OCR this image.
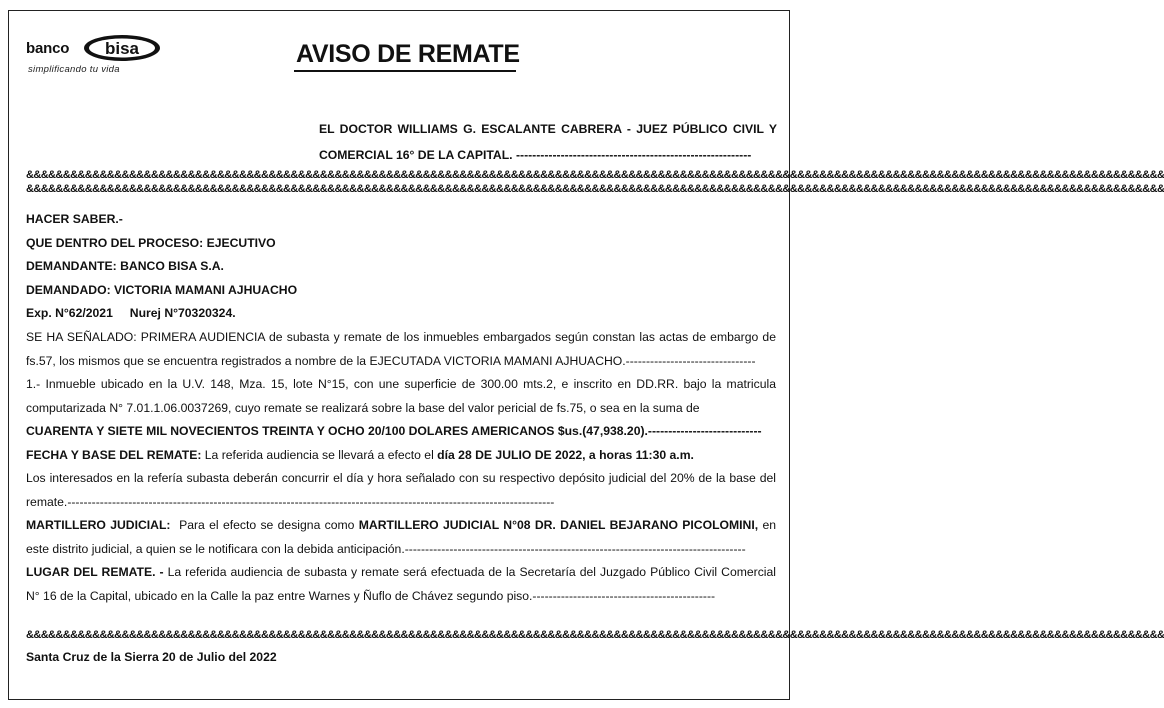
banco bisa
simplificando tu vida
AVISO DE REMATE
EL DOCTOR WILLIAMS G. ESCALANTE CABRERA - JUEZ PÚBLICO CIVIL Y COMERCIAL 16° DE LA CAPITAL. ----------------------------------------------------------
&&&&&&&&&&&&&&&&&&&&&&&&&&&&&&&&&&&&&&&&&&&&&&&&&&&&&&&&&&&&&&&&&&&&&&&&&&&&&&&&&&&&&&&&&&&&&&&&&&&&&&&&&&&&&&&&&&&&&&&&&&&&&&&&&&&&&&&&&&&&&&&&&&&&&&&&&&&
&&&&&&&&&&&&&&&&&&&&&&&&&&&&&&&&&&&&&&&&&&&&&&&&&&&&&&&&&&&&&&&&&&&&&&&&&&&&&&&&&&&&&&&&&&&&&&&&&&&&&&&&&&&&&&&&&&&&&&&&&&&&&&&&&&&&&&&&&&&&&&&&&&&&&&&&&&&

HACER SABER.-

QUE DENTRO DEL PROCESO: EJECUTIVO

DEMANDANTE: BANCO BISA S.A.

DEMANDADO: VICTORIA MAMANI AJHUACHO

Exp. N°62/2021     Nurej N°70320324.

SE HA SEÑALADO: PRIMERA AUDIENCIA de subasta y remate de los inmuebles embargados según constan las actas de embargo de fs.57, los mismos que se encuentra registrados a nombre de la EJECUTADA VICTORIA MAMANI AJHUACHO.--------------------------------

1.- Inmueble ubicado en la U.V. 148, Mza. 15, lote N°15, con une superficie de 300.00 mts.2, e inscrito en DD.RR. bajo la matricula computarizada N° 7.01.1.06.0037269, cuyo remate se realizará sobre la base del valor pericial de fs.75, o sea en la suma de

CUARENTA Y SIETE MIL NOVECIENTOS TREINTA Y OCHO 20/100 DOLARES AMERICANOS $us.(47,938.20).----------------------------

FECHA Y BASE DEL REMATE: La referida audiencia se llevará a efecto el día 28 DE JULIO DE 2022, a horas 11:30 a.m.

Los interesados en la refería subasta deberán concurrir el día y hora señalado con su respectivo depósito judicial del 20% de la base del remate.------------------------------------------------------------------------------------------------------------------------

MARTILLERO JUDICIAL:  Para el efecto se designa como MARTILLERO JUDICIAL N°08 DR. DANIEL BEJARANO PICOLOMINI, en este distrito judicial, a quien se le notificara con la debida anticipación.------------------------------------------------------------------------------------

LUGAR DEL REMATE. - La referida audiencia de subasta y remate será efectuada de la Secretaría del Juzgado Público Civil Comercial N° 16 de la Capital, ubicado en la Calle la paz entre Warnes y Ñuflo de Chávez segundo piso.---------------------------------------------

&&&&&&&&&&&&&&&&&&&&&&&&&&&&&&&&&&&&&&&&&&&&&&&&&&&&&&&&&&&&&&&&&&&&&&&&&&&&&&&&&&&&&&&&&&&&&&&&&&&&&&&&&&&&&&&&&&&&&&&&&&&&&&&&&&&&&&&&&&&&&&&&&&&&&&&&&&&
Santa Cruz de la Sierra 20 de Julio del 2022
